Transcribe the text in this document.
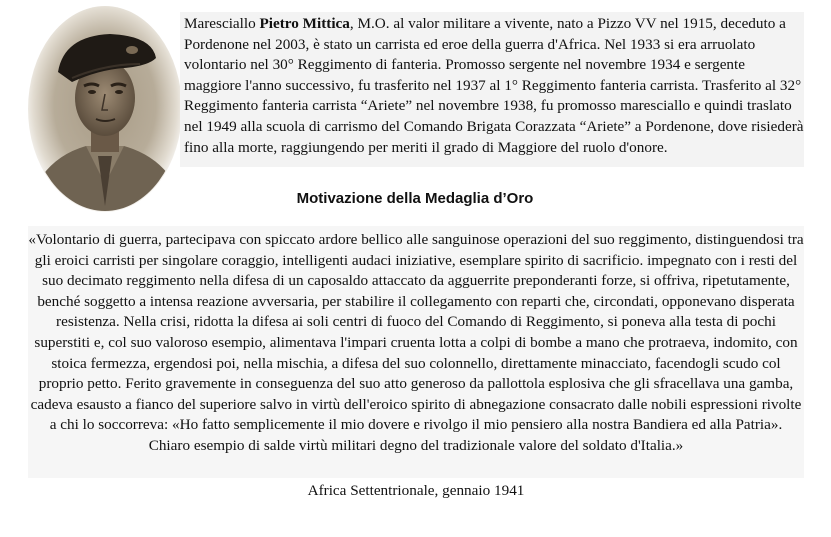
Maresciallo Pietro Mittica, M.O. al valor militare a vivente, nato a Pizzo VV nel 1915, deceduto a Pordenone nel 2003, è stato un carrista ed eroe della guerra d'Africa. Nel 1933 si era arruolato volontario nel 30° Reggimento di fanteria. Promosso sergente nel novembre 1934 e sergente maggiore l'anno successivo, fu trasferito nel 1937 al 1° Reggimento fanteria carrista. Trasferito al 32° Reggimento fanteria carrista “Ariete” nel novembre 1938, fu promosso maresciallo e quindi traslato nel 1949 alla scuola di carrismo del Comando Brigata Corazzata “Ariete” a Pordenone, dove risiederà fino alla morte, raggiungendo per meriti il grado di Maggiore del ruolo d'onore.

Motivazione della Medaglia d’Oro

«Volontario di guerra, partecipava con spiccato ardore bellico alle sanguinose operazioni del suo reggimento, distinguendosi tra gli eroici carristi per singolare coraggio, intelligenti audaci iniziative, esemplare spirito di sacrificio. impegnato con i resti del suo decimato reggimento nella difesa di un caposaldo attaccato da agguerrite preponderanti forze, si offriva, ripetutamente, benché soggetto a intensa reazione avversaria, per stabilire il collegamento con reparti che, circondati, opponevano disperata resistenza. Nella crisi, ridotta la difesa ai soli centri di fuoco del Comando di Reggimento, si poneva alla testa di pochi superstiti e, col suo valoroso esempio, alimentava l'impari cruenta lotta a colpi di bombe a mano che protraeva, indomito, con stoica fermezza, ergendosi poi, nella mischia, a difesa del suo colonnello, direttamente minacciato, facendogli scudo col proprio petto. Ferito gravemente in conseguenza del suo atto generoso da pallottola esplosiva che gli sfracellava una gamba, cadeva esausto a fianco del superiore salvo in virtù dell'eroico spirito di abnegazione consacrato dalle nobili espressioni rivolte a chi lo soccorreva: «Ho fatto semplicemente il mio dovere e rivolgo il mio pensiero alla nostra Bandiera ed alla Patria». Chiaro esempio di salde virtù militari degno del tradizionale valore del soldato d'Italia.»

Africa Settentrionale, gennaio 1941
